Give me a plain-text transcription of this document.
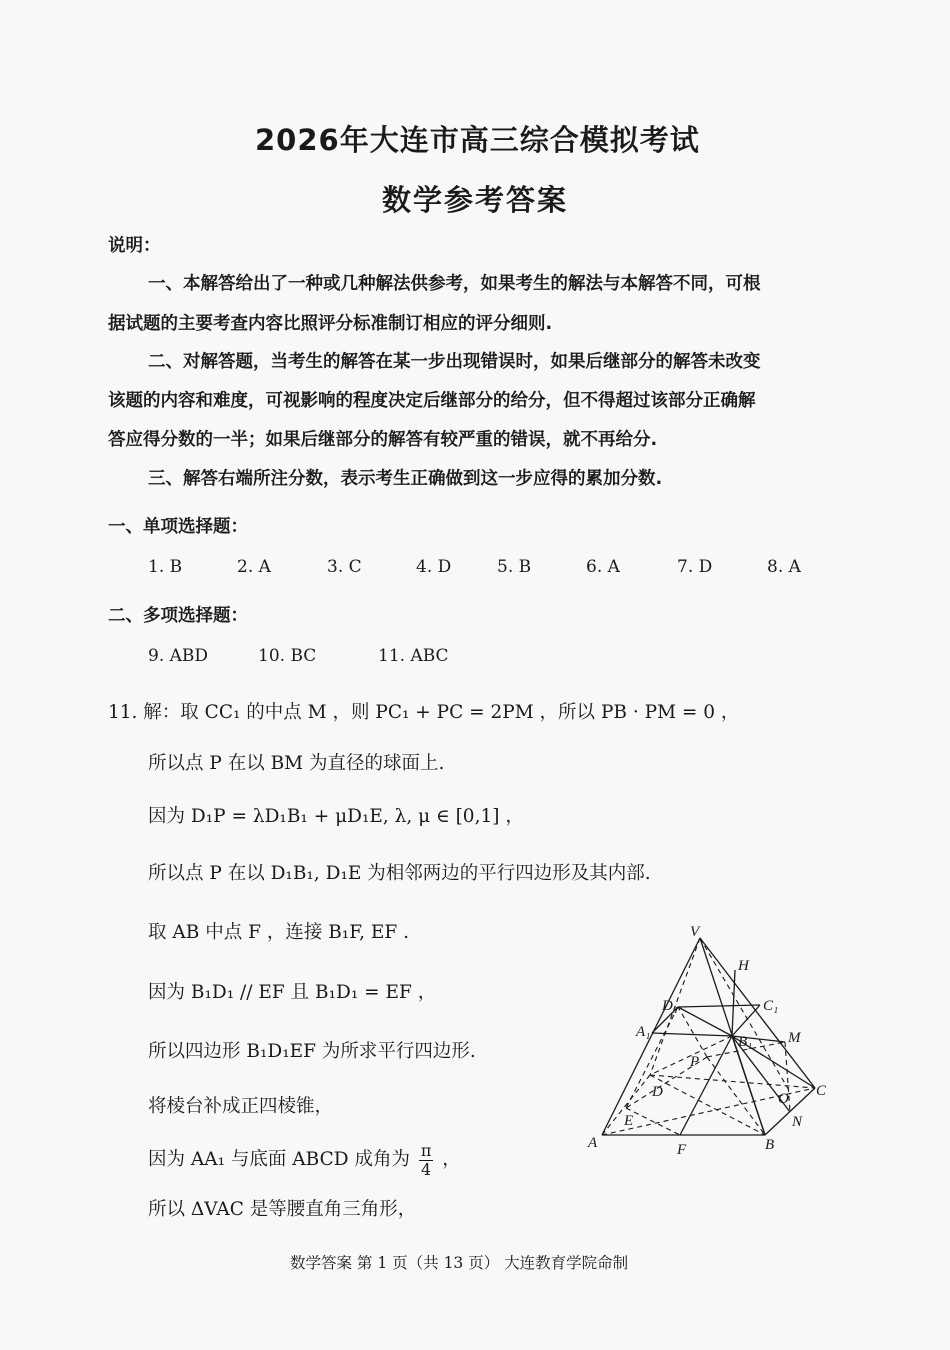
2026年大连市高三综合模拟考试
数学参考答案
说明：
一、本解答给出了一种或几种解法供参考，如果考生的解法与本解答不同，可根
据试题的主要考查内容比照评分标准制订相应的评分细则.
二、对解答题，当考生的解答在某一步出现错误时，如果后继部分的解答未改变
该题的内容和难度，可视影响的程度决定后继部分的给分，但不得超过该部分正确解
答应得分数的一半；如果后继部分的解答有较严重的错误，就不再给分.
三、解答右端所注分数，表示考生正确做到这一步应得的累加分数.
一、单项选择题：
1. B	2. A	3. C	4. D	5. B	6. A	7. D	8. A
二、多项选择题：
9. ABD	10. BC	11. ABC
11. 解：取 CC₁ 的中点 M ，则 PC₁ + PC = 2PM ，所以 PB · PM = 0 ，
所以点 P 在以 BM 为直径的球面上.
因为 D₁P = λD₁B₁ + μD₁E, λ, μ ∈ [0,1] ，
所以点 P 在以 D₁B₁, D₁E 为相邻两边的平行四边形及其内部.
取 AB 中点 F ，连接 B₁F, EF .
因为 B₁D₁ // EF 且 B₁D₁ = EF ，
所以四边形 B₁D₁EF 为所求平行四边形.
将棱台补成正四棱锥，
因为 AA₁ 与底面 ABCD 成角为 $\frac{\pi}{4}$ ，
所以 ΔVAC 是等腰直角三角形，
V
H
D₁	C₁
A₁
B₁ M
P
D	C
O
N
E
A	F	B
数学答案 第 1 页（共 13 页） 大连教育学院命制
